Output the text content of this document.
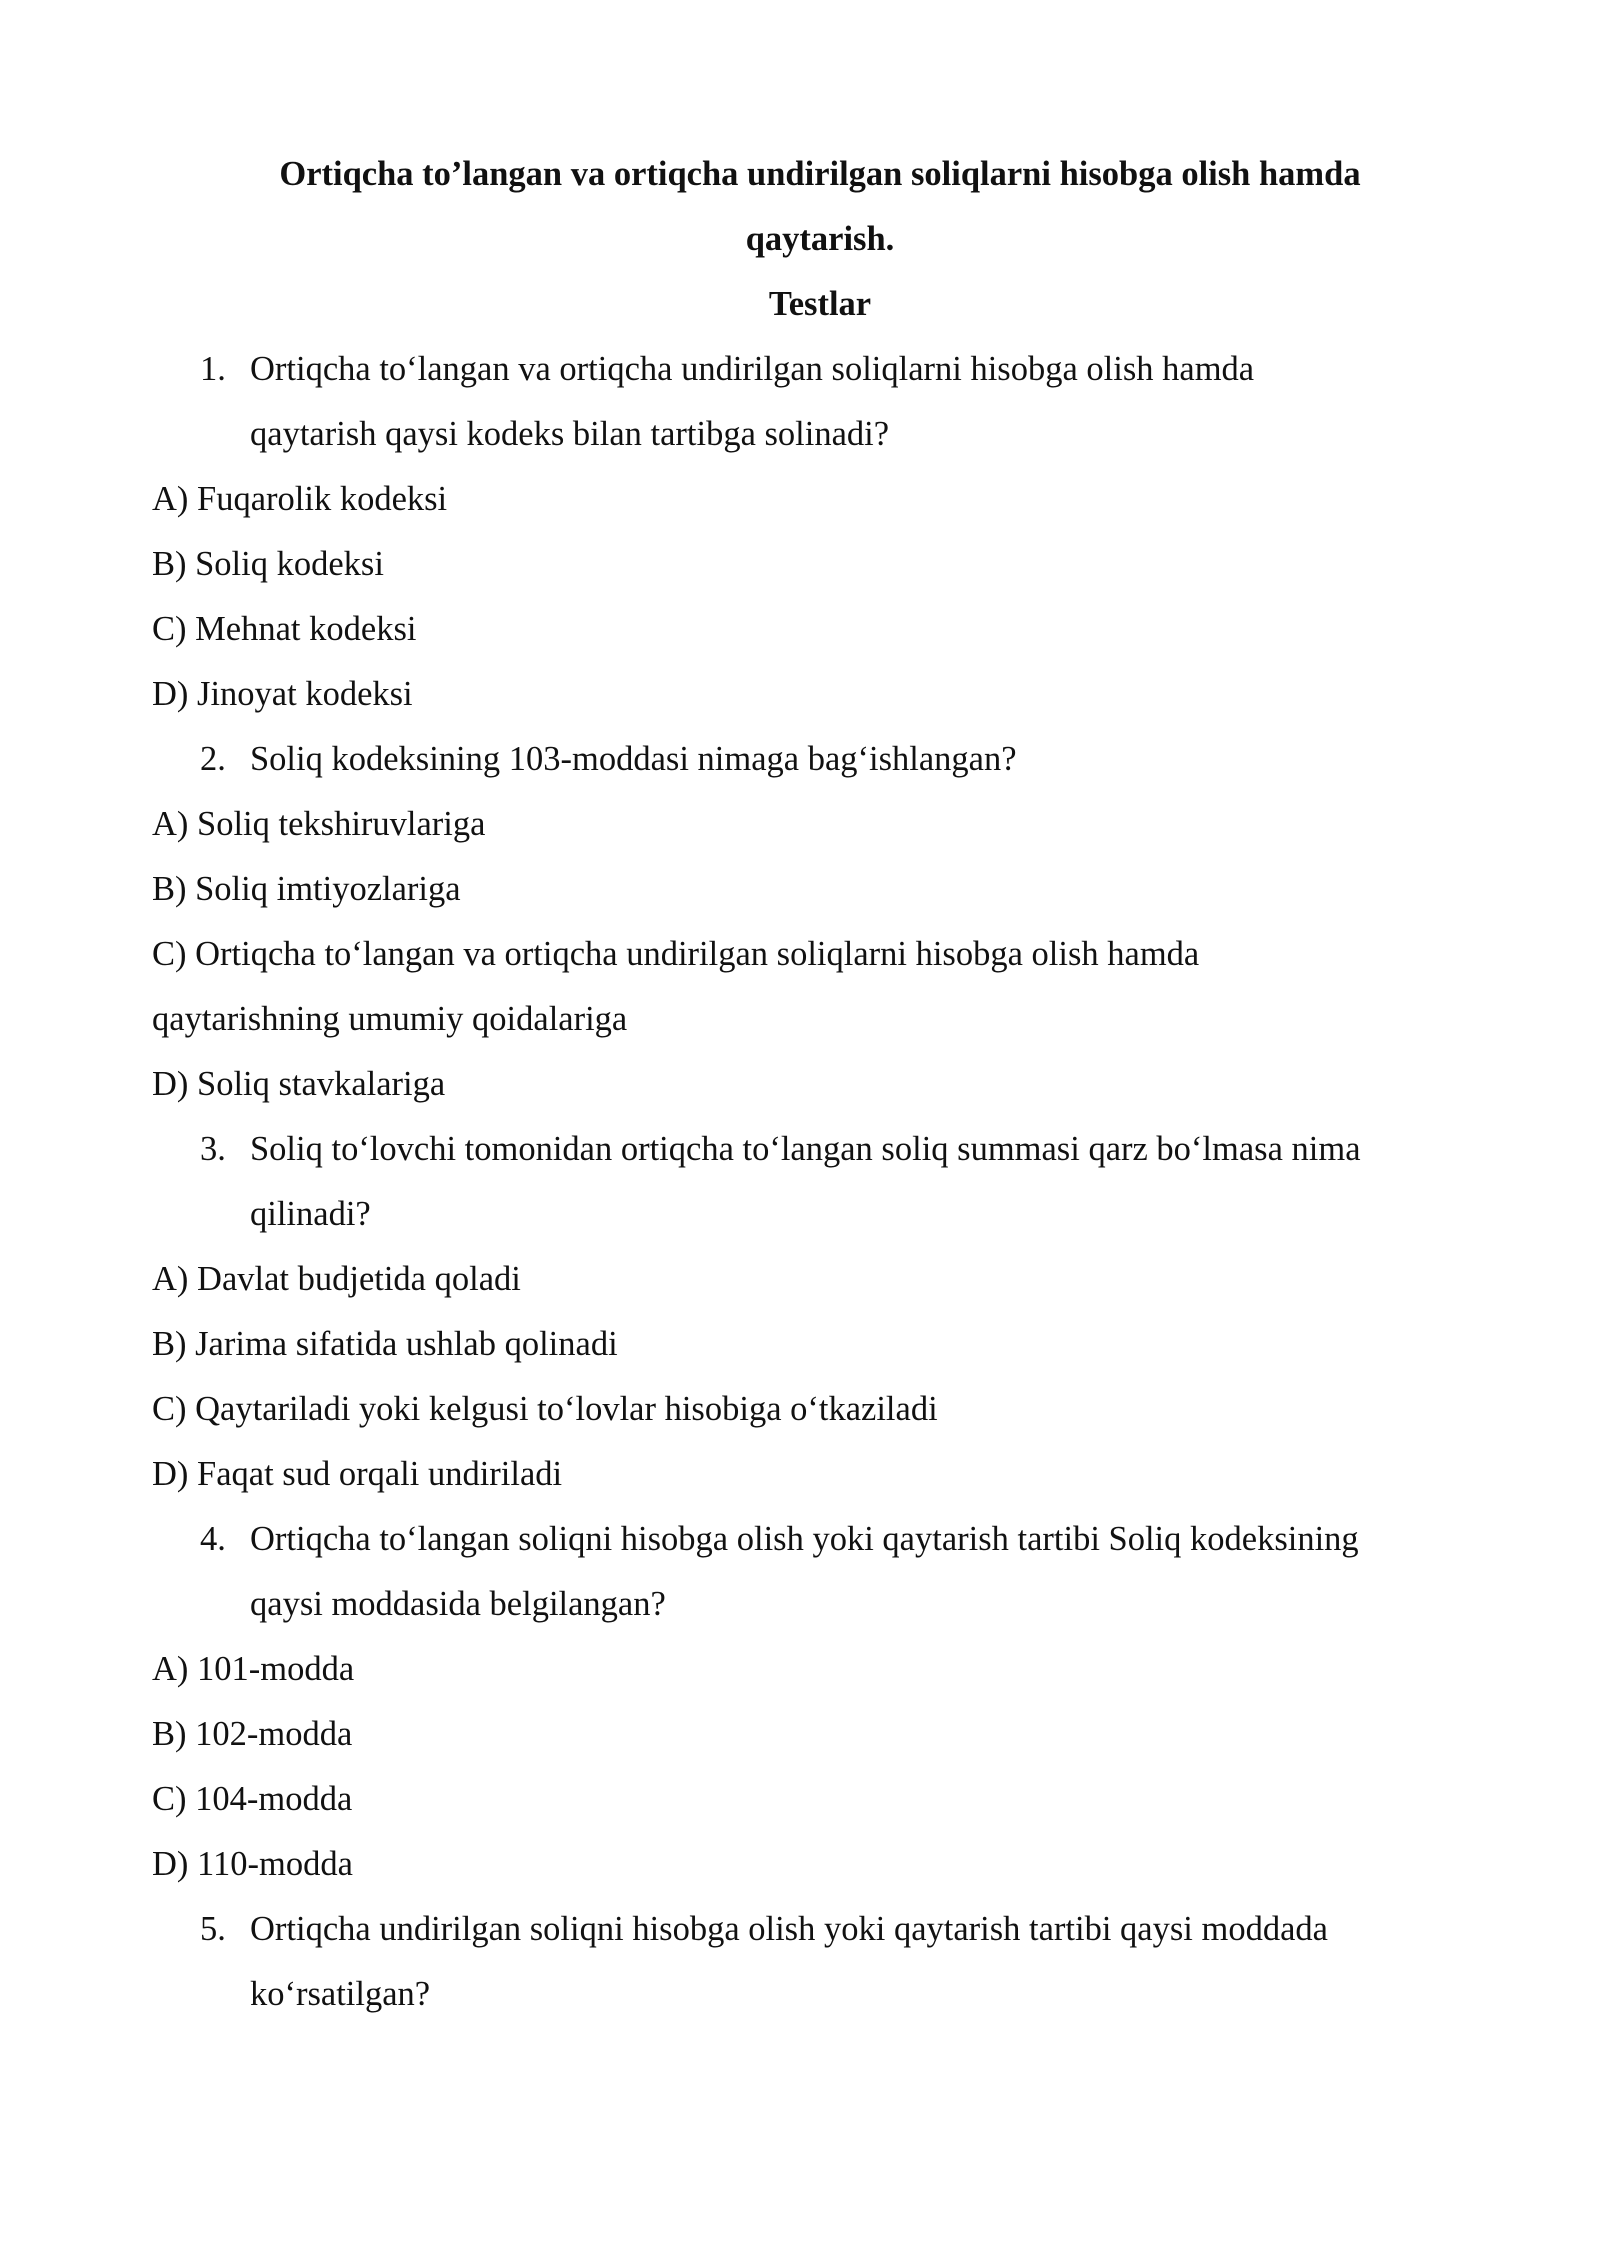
Ortiqcha to’langan va ortiqcha undirilgan soliqlarni hisobga olish hamda
qaytarish.
Testlar
1. Ortiqcha to‘langan va ortiqcha undirilgan soliqlarni hisobga olish hamda
qaytarish qaysi kodeks bilan tartibga solinadi?
A) Fuqarolik kodeksi
B) Soliq kodeksi
C) Mehnat kodeksi
D) Jinoyat kodeksi
2. Soliq kodeksining 103-moddasi nimaga bag‘ishlangan?
A) Soliq tekshiruvlariga
B) Soliq imtiyozlariga
C) Ortiqcha to‘langan va ortiqcha undirilgan soliqlarni hisobga olish hamda
qaytarishning umumiy qoidalariga
D) Soliq stavkalariga
3. Soliq to‘lovchi tomonidan ortiqcha to‘langan soliq summasi qarz bo‘lmasa nima
qilinadi?
A) Davlat budjetida qoladi
B) Jarima sifatida ushlab qolinadi
C) Qaytariladi yoki kelgusi to‘lovlar hisobiga o‘tkaziladi
D) Faqat sud orqali undiriladi
4. Ortiqcha to‘langan soliqni hisobga olish yoki qaytarish tartibi Soliq kodeksining
qaysi moddasida belgilangan?
A) 101-modda
B) 102-modda
C) 104-modda
D) 110-modda
5. Ortiqcha undirilgan soliqni hisobga olish yoki qaytarish tartibi qaysi moddada
ko‘rsatilgan?
